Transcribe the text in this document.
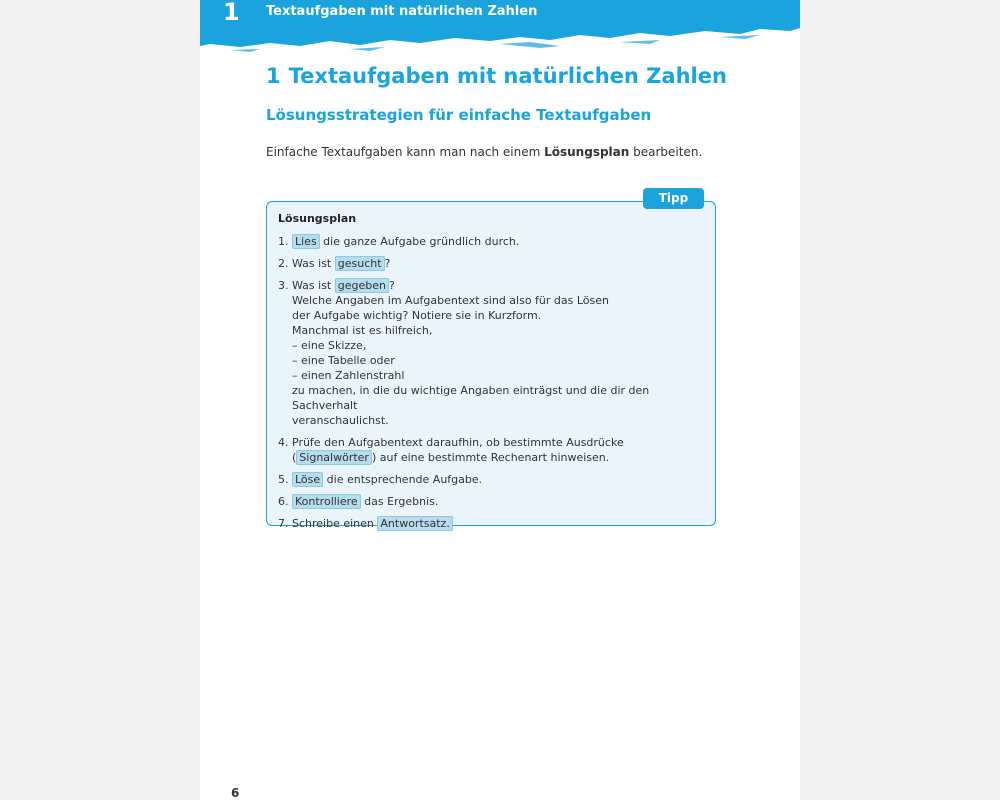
1 Textaufgaben mit natürlichen Zahlen
1 Textaufgaben mit natürlichen Zahlen
Lösungsstrategien für einfache Textaufgaben
Einfache Textaufgaben kann man nach einem Lösungsplan bearbeiten.
Lösungsplan
1. Lies die ganze Aufgabe gründlich durch.
2. Was ist gesucht ?
3. Was ist gegeben ?
Welche Angaben im Aufgabentext sind also für das Lösen
der Aufgabe wichtig? Notiere sie in Kurzform.
Manchmal ist es hilfreich,
– eine Skizze,
– eine Tabelle oder
– einen Zahlenstrahl
zu machen, in die du wichtige Angaben einträgst und die dir den Sachverhalt
veranschaulichst.
4. Prüfe den Aufgabentext daraufhin, ob bestimmte Ausdrücke
( Signalwörter ) auf eine bestimmte Rechenart hinweisen.
5. Löse die entsprechende Aufgabe.
6. Kontrolliere das Ergebnis.
7. Schreibe einen Antwortsatz.
Tipp
6
